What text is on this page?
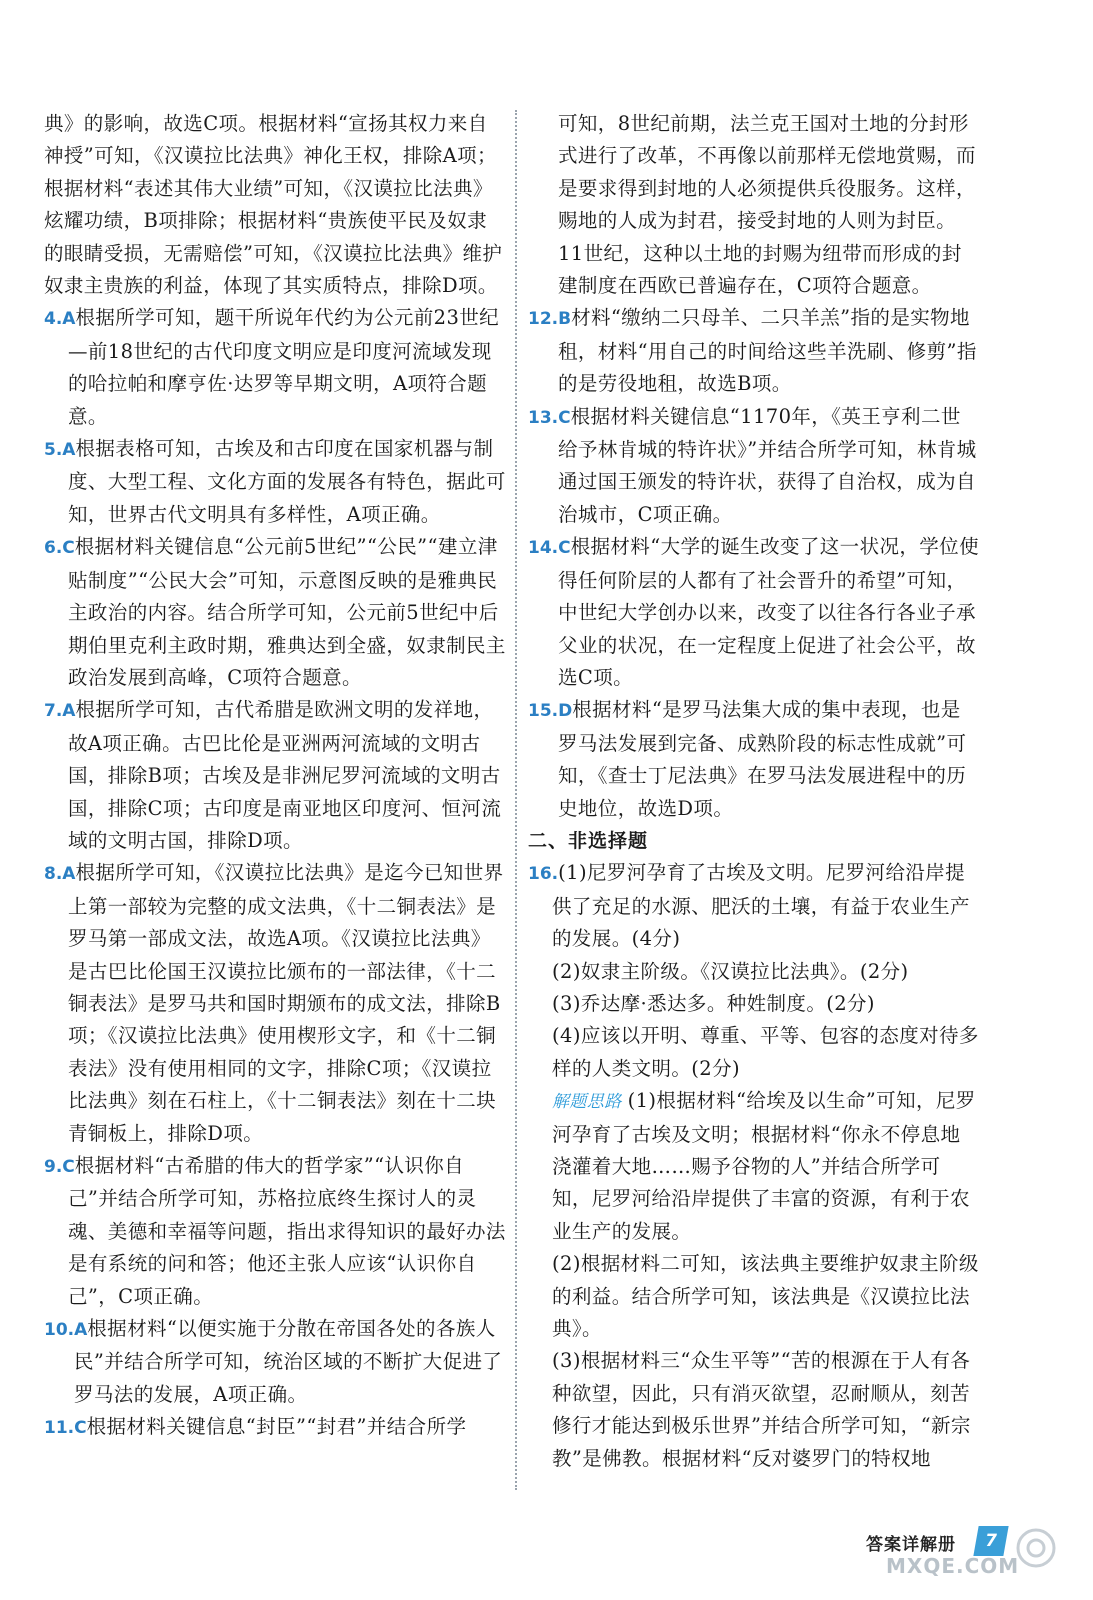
典》的影响，故选C项。根据材料“宣扬其权力来自神授”可知，《汉谟拉比法典》神化王权，排除A项；根据材料“表述其伟大业绩”可知，《汉谟拉比法典》炫耀功绩，B项排除；根据材料“贵族使平民及奴隶的眼睛受损，无需赔偿”可知，《汉谟拉比法典》维护奴隶主贵族的利益，体现了其实质特点，排除D项。

4.A根据所学可知，题干所说年代约为公元前23世纪—前18世纪的古代印度文明应是印度河流域发现的哈拉帕和摩亨佐·达罗等早期文明，A项符合题意。

5.A根据表格可知，古埃及和古印度在国家机器与制度、大型工程、文化方面的发展各有特色，据此可知，世界古代文明具有多样性，A项正确。

6.C根据材料关键信息“公元前5世纪”“公民”“建立津贴制度”“公民大会”可知，示意图反映的是雅典民主政治的内容。结合所学可知，公元前5世纪中后期伯里克利主政时期，雅典达到全盛，奴隶制民主政治发展到高峰，C项符合题意。

7.A根据所学可知，古代希腊是欧洲文明的发祥地，故A项正确。古巴比伦是亚洲两河流域的文明古国，排除B项；古埃及是非洲尼罗河流域的文明古国，排除C项；古印度是南亚地区印度河、恒河流域的文明古国，排除D项。

8.A根据所学可知，《汉谟拉比法典》是迄今已知世界上第一部较为完整的成文法典，《十二铜表法》是罗马第一部成文法，故选A项。《汉谟拉比法典》是古巴比伦国王汉谟拉比颁布的一部法律，《十二铜表法》是罗马共和国时期颁布的成文法，排除B项；《汉谟拉比法典》使用楔形文字，和《十二铜表法》没有使用相同的文字，排除C项；《汉谟拉比法典》刻在石柱上，《十二铜表法》刻在十二块青铜板上，排除D项。

9.C根据材料“古希腊的伟大的哲学家”“认识你自己”并结合所学可知，苏格拉底终生探讨人的灵魂、美德和幸福等问题，指出求得知识的最好办法是有系统的问和答；他还主张人应该“认识你自己”，C项正确。

10.A根据材料“以便实施于分散在帝国各处的各族人民”并结合所学可知，统治区域的不断扩大促进了罗马法的发展，A项正确。

11.C根据材料关键信息“封臣”“封君”并结合所学

可知，8世纪前期，法兰克王国对土地的分封形式进行了改革，不再像以前那样无偿地赏赐，而是要求得到封地的人必须提供兵役服务。这样，赐地的人成为封君，接受封地的人则为封臣。11世纪，这种以土地的封赐为纽带而形成的封建制度在西欧已普遍存在，C项符合题意。

12.B材料“缴纳二只母羊、二只羊羔”指的是实物地租，材料“用自己的时间给这些羊洗刷、修剪”指的是劳役地租，故选B项。

13.C根据材料关键信息“1170年，《英王亨利二世给予林肯城的特许状》”并结合所学可知，林肯城通过国王颁发的特许状，获得了自治权，成为自治城市，C项正确。

14.C根据材料“大学的诞生改变了这一状况，学位使得任何阶层的人都有了社会晋升的希望”可知，中世纪大学创办以来，改变了以往各行各业子承父业的状况，在一定程度上促进了社会公平，故选C项。

15.D根据材料“是罗马法集大成的集中表现，也是罗马法发展到完备、成熟阶段的标志性成就”可知，《查士丁尼法典》在罗马法发展进程中的历史地位，故选D项。

二、非选择题

16.(1)尼罗河孕育了古埃及文明。尼罗河给沿岸提供了充足的水源、肥沃的土壤，有益于农业生产的发展。(4分)

(2)奴隶主阶级。《汉谟拉比法典》。(2分)

(3)乔达摩·悉达多。种姓制度。(2分)

(4)应该以开明、尊重、平等、包容的态度对待多样的人类文明。(2分)

解题思路 (1)根据材料“给埃及以生命”可知，尼罗河孕育了古埃及文明；根据材料“你永不停息地浇灌着大地……赐予谷物的人”并结合所学可知，尼罗河给沿岸提供了丰富的资源，有利于农业生产的发展。

(2)根据材料二可知，该法典主要维护奴隶主阶级的利益。结合所学可知，该法典是《汉谟拉比法典》。

(3)根据材料三“众生平等”“苦的根源在于人有各种欲望，因此，只有消灭欲望，忍耐顺从，刻苦修行才能达到极乐世界”并结合所学可知，“新宗教”是佛教。根据材料“反对婆罗门的特权地

答案详解册	7
MXQE.COM
